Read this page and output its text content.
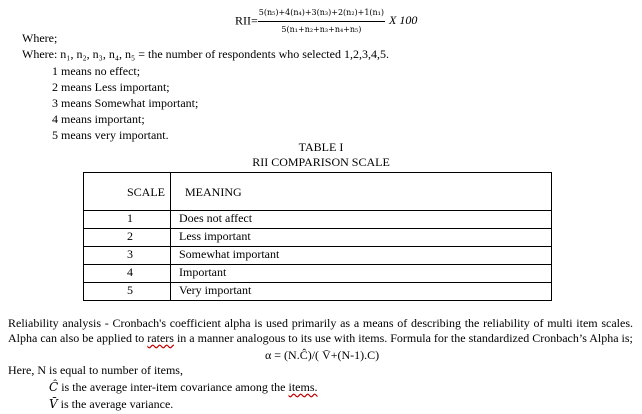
$RII= \frac{\text{5(n₅)+4(n₄)+3(n₃)+2(n₂)+1(n₁)}}{\text{5(n₁+n₂+n₃+n₄+n₅)}}$ X 100
Where;
Where: n₁, n₂, n₃, n₄, n₅ = the number of respondents who selected 1,2,3,4,5.
1 means no effect;
2 means Less important;
3 means Somewhat important;
4 means important;
5 means very important.
TABLE I
RII COMPARISON SCALE
SCALE	MEANING
1	Does not affect
2	Less important
3	Somewhat important
4	Important
5	Very important
Reliability analysis - Cronbach's coefficient alpha is used primarily as a means of describing the reliability of multi item scales. Alpha can also be applied to raters in a manner analogous to its use with items. Formula for the standardized Cronbach’s Alpha is;
α = (N.Ĉ)/( V̄+(N-1).C)
Here, N is equal to number of items,
Ĉ is the average inter-item covariance among the items.
V̄ is the average variance.
